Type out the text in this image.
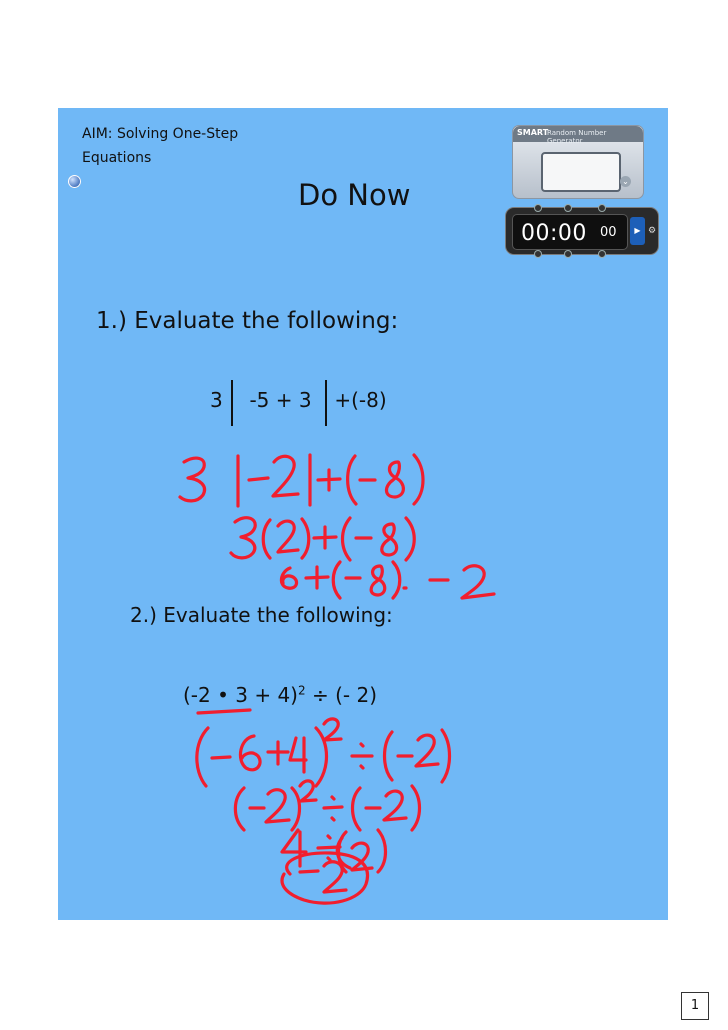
AIM: Solving One-Step
Equations
Do Now
SMART
Random Number Generator
⌄
00:00 00	▶ ⚙
1.) Evaluate the following:
3 -5 + 3 +(-8)
2.) Evaluate the following:
(-2 • 3 + 4)$^2$ ÷ (- 2)
1
